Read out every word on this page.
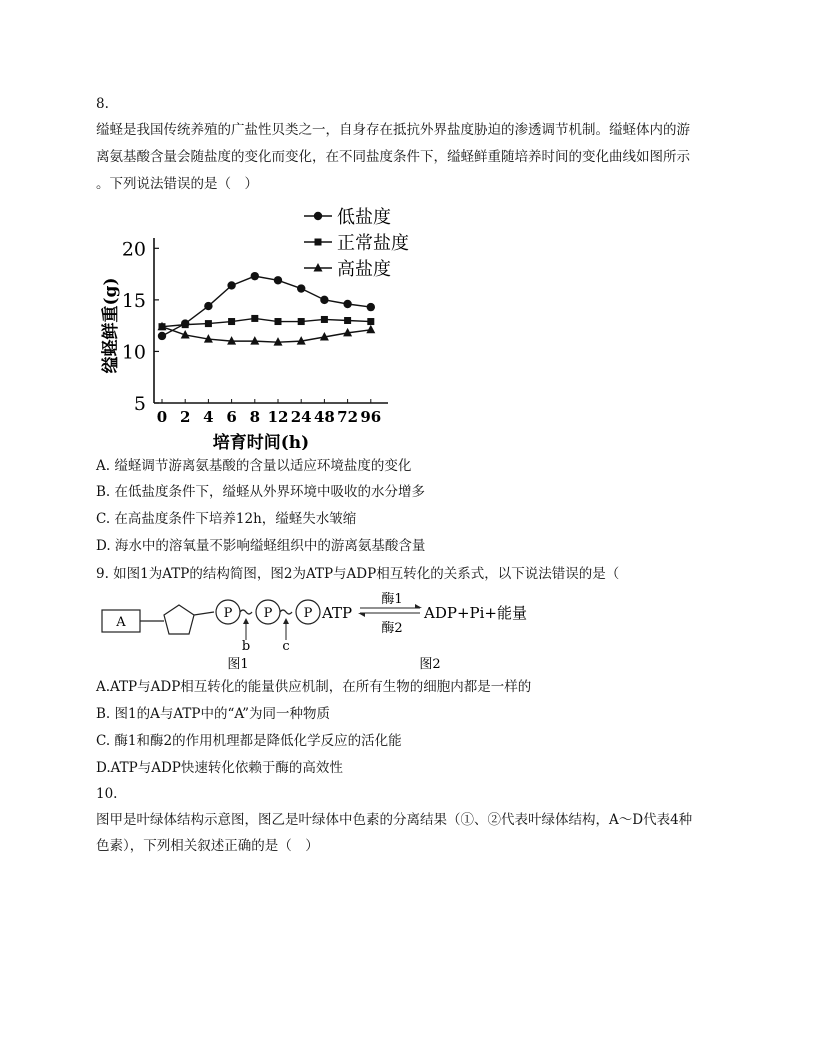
8.
缢蛏是我国传统养殖的广盐性贝类之一，自身存在抵抗外界盐度胁迫的渗透调节机制。缢蛏体内的游
离氨基酸含量会随盐度的变化而变化，在不同盐度条件下，缢蛏鲜重随培养时间的变化曲线如图所示
。下列说法错误的是（　）
5
10
15
20
0 2 4 6 8 12 24 48 72 96
培育时间(h)
缢蛏鲜重(g)
低盐度
正常盐度
高盐度
A. 缢蛏调节游离氨基酸的含量以适应环境盐度的变化
B. 在低盐度条件下，缢蛏从外界环境中吸收的水分增多
C. 在高盐度条件下培养12h，缢蛏失水皱缩
D. 海水中的溶氧量不影响缢蛏组织中的游离氨基酸含量
9. 如图1为ATP的结构简图，图2为ATP与ADP相互转化的关系式，以下说法错误的是（
A
P P P
b c
图1
ATP
酶1
酶2
ADP+Pi+能量
图2
A.ATP与ADP相互转化的能量供应机制，在所有生物的细胞内都是一样的
B. 图1的A与ATP中的“A”为同一种物质
C. 酶1和酶2的作用机理都是降低化学反应的活化能
D.ATP与ADP快速转化依赖于酶的高效性
10.
图甲是叶绿体结构示意图，图乙是叶绿体中色素的分离结果（①、②代表叶绿体结构，A～D代表4种
色素），下列相关叙述正确的是（　）
